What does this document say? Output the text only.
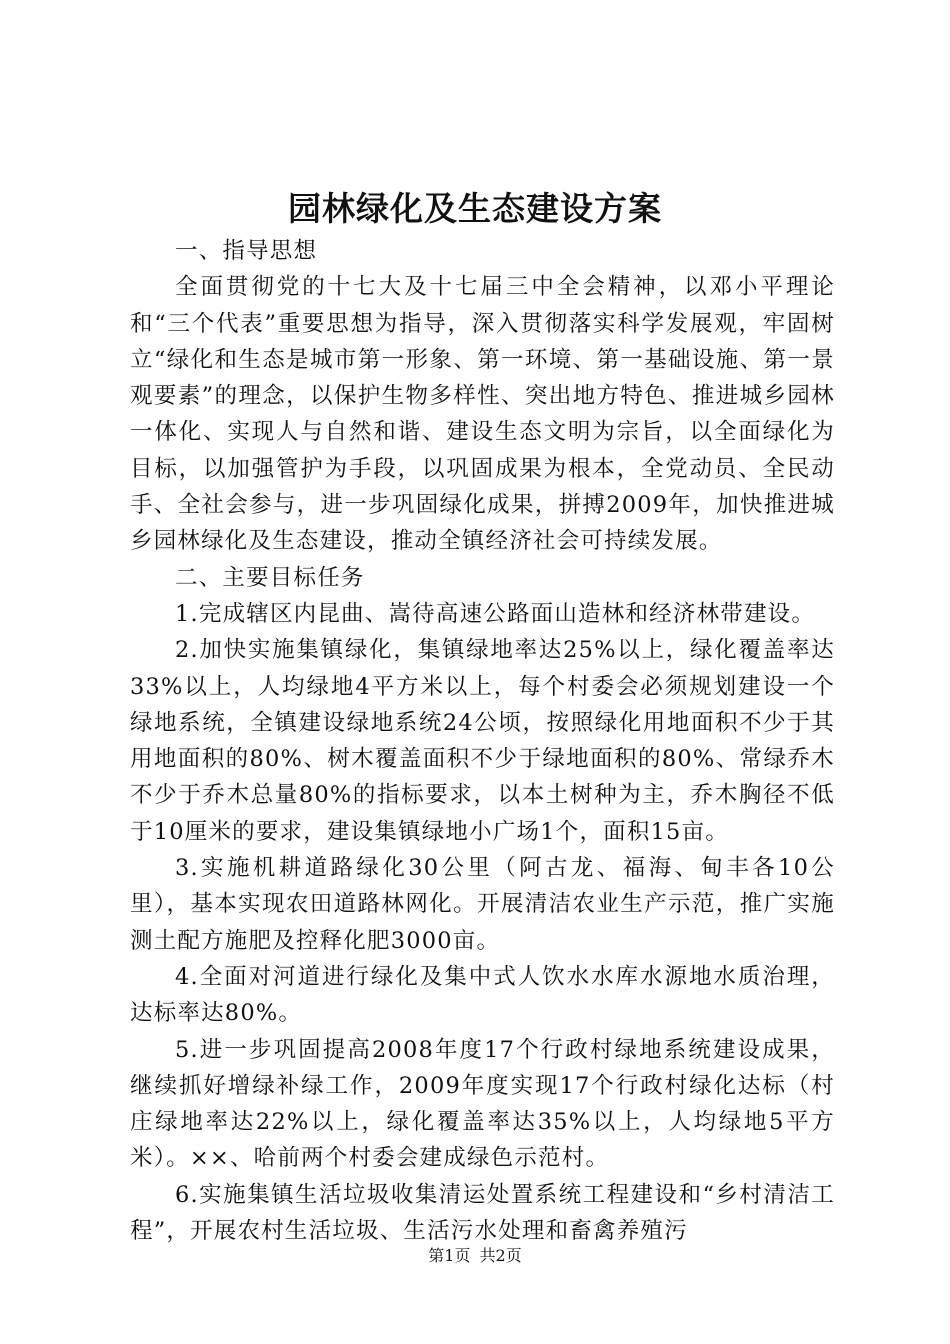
园林绿化及生态建设方案

一、指导思想

全面贯彻党的十七大及十七届三中全会精神，以邓小平理论和“三个代表”重要思想为指导，深入贯彻落实科学发展观，牢固树立“绿化和生态是城市第一形象、第一环境、第一基础设施、第一景观要素”的理念，以保护生物多样性、突出地方特色、推进城乡园林一体化、实现人与自然和谐、建设生态文明为宗旨，以全面绿化为目标，以加强管护为手段，以巩固成果为根本，全党动员、全民动手、全社会参与，进一步巩固绿化成果，拼搏2009年，加快推进城乡园林绿化及生态建设，推动全镇经济社会可持续发展。

二、主要目标任务

1.完成辖区内昆曲、嵩待高速公路面山造林和经济林带建设。

2.加快实施集镇绿化，集镇绿地率达25%以上，绿化覆盖率达33%以上，人均绿地4平方米以上，每个村委会必须规划建设一个绿地系统，全镇建设绿地系统24公顷，按照绿化用地面积不少于其用地面积的80%、树木覆盖面积不少于绿地面积的80%、常绿乔木不少于乔木总量80%的指标要求，以本土树种为主，乔木胸径不低于10厘米的要求，建设集镇绿地小广场1个，面积15亩。

3.实施机耕道路绿化30公里（阿古龙、福海、甸丰各10公里），基本实现农田道路林网化。开展清洁农业生产示范，推广实施测土配方施肥及控释化肥3000亩。

4.全面对河道进行绿化及集中式人饮水水库水源地水质治理，达标率达80%。

5.进一步巩固提高2008年度17个行政村绿地系统建设成果，继续抓好增绿补绿工作，2009年度实现17个行政村绿化达标（村庄绿地率达22%以上，绿化覆盖率达35%以上，人均绿地5平方米）。××、哈前两个村委会建成绿色示范村。

6.实施集镇生活垃圾收集清运处置系统工程建设和“乡村清洁工程”，开展农村生活垃圾、生活污水处理和畜禽养殖污

第1页 共2页
